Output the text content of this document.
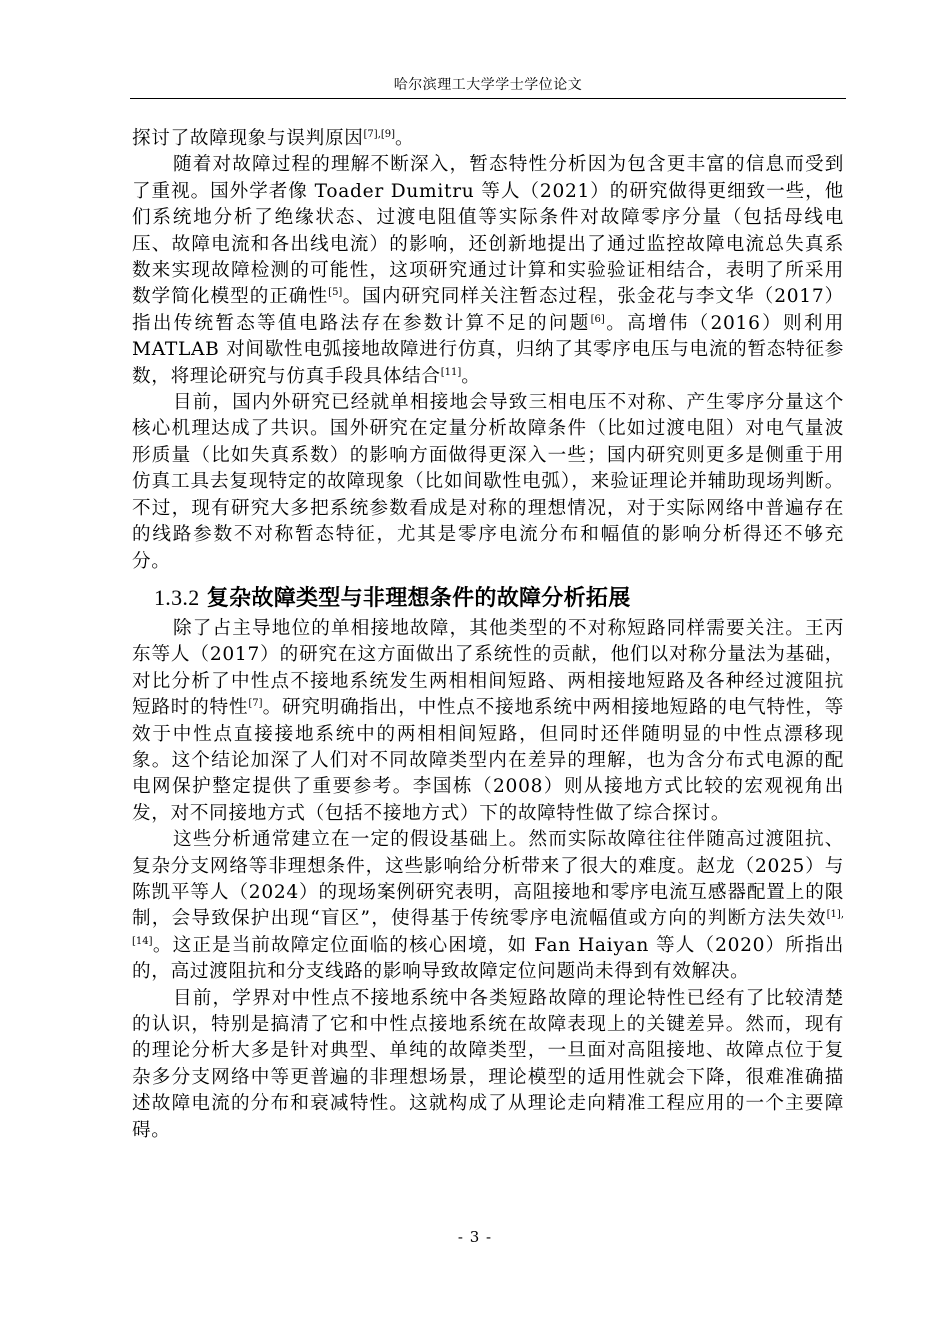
哈尔滨理工大学学士学位论文

探讨了故障现象与误判原因[7],[9]。

随着对故障过程的理解不断深入，暂态特性分析因为包含更丰富的信息而受到了重视。国外学者像 Toader Dumitru 等人（2021）的研究做得更细致一些，他们系统地分析了绝缘状态、过渡电阻值等实际条件对故障零序分量（包括母线电压、故障电流和各出线电流）的影响，还创新地提出了通过监控故障电流总失真系数来实现故障检测的可能性，这项研究通过计算和实验验证相结合，表明了所采用数学简化模型的正确性[5]。国内研究同样关注暂态过程，张金花与李文华（2017）指出传统暂态等值电路法存在参数计算不足的问题[6]。高增伟（2016）则利用 MATLAB 对间歇性电弧接地故障进行仿真，归纳了其零序电压与电流的暂态特征参数，将理论研究与仿真手段具体结合[11]。

目前，国内外研究已经就单相接地会导致三相电压不对称、产生零序分量这个核心机理达成了共识。国外研究在定量分析故障条件（比如过渡电阻）对电气量波形质量（比如失真系数）的影响方面做得更深入一些；国内研究则更多是侧重于用仿真工具去复现特定的故障现象（比如间歇性电弧），来验证理论并辅助现场判断。不过，现有研究大多把系统参数看成是对称的理想情况，对于实际网络中普遍存在的线路参数不对称暂态特征，尤其是零序电流分布和幅值的影响分析得还不够充分。

1.3.2 复杂故障类型与非理想条件的故障分析拓展

除了占主导地位的单相接地故障，其他类型的不对称短路同样需要关注。王丙东等人（2017）的研究在这方面做出了系统性的贡献，他们以对称分量法为基础，对比分析了中性点不接地系统发生两相相间短路、两相接地短路及各种经过渡阻抗短路时的特性[7]。研究明确指出，中性点不接地系统中两相接地短路的电气特性，等效于中性点直接接地系统中的两相相间短路，但同时还伴随明显的中性点漂移现象。这个结论加深了人们对不同故障类型内在差异的理解，也为含分布式电源的配电网保护整定提供了重要参考。李国栋（2008）则从接地方式比较的宏观视角出发，对不同接地方式（包括不接地方式）下的故障特性做了综合探讨。

这些分析通常建立在一定的假设基础上。然而实际故障往往伴随高过渡阻抗、复杂分支网络等非理想条件，这些影响给分析带来了很大的难度。赵龙（2025）与陈凯平等人（2024）的现场案例研究表明，高阻接地和零序电流互感器配置上的限制，会导致保护出现“盲区”，使得基于传统零序电流幅值或方向的判断方法失效[1],[14]。这正是当前故障定位面临的核心困境，如 Fan Haiyan 等人（2020）所指出的，高过渡阻抗和分支线路的影响导致故障定位问题尚未得到有效解决。

目前，学界对中性点不接地系统中各类短路故障的理论特性已经有了比较清楚的认识，特别是搞清了它和中性点接地系统在故障表现上的关键差异。然而，现有的理论分析大多是针对典型、单纯的故障类型，一旦面对高阻接地、故障点位于复杂多分支网络中等更普遍的非理想场景，理论模型的适用性就会下降，很难准确描述故障电流的分布和衰减特性。这就构成了从理论走向精准工程应用的一个主要障碍。

- 3 -
